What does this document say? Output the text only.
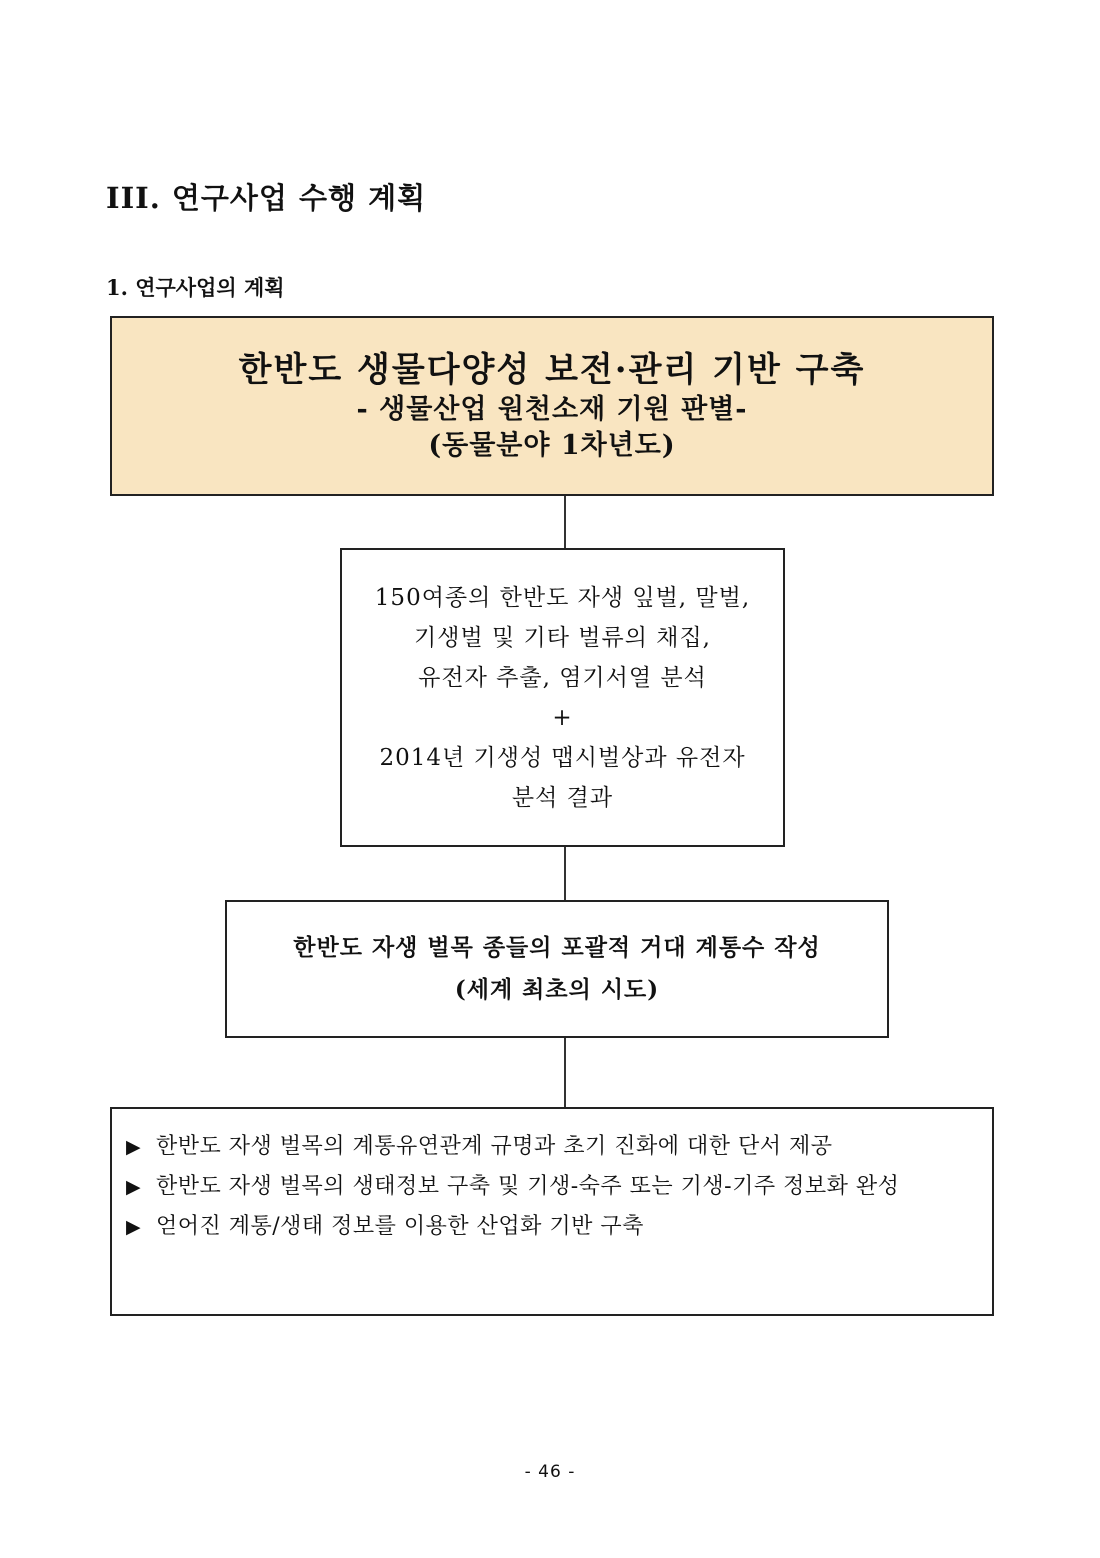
III. 연구사업 수행 계획
1. 연구사업의 계획
한반도 생물다양성 보전·관리 기반 구축
- 생물산업 원천소재 기원 판별-
(동물분야 1차년도)
150여종의 한반도 자생 잎벌, 말벌,
기생벌 및 기타 벌류의 채집,
유전자 추출, 염기서열 분석
+
2014년 기생성 맵시벌상과 유전자
분석 결과
한반도 자생 벌목 종들의 포괄적 거대 계통수 작성
(세계 최초의 시도)
▶ 한반도 자생 벌목의 계통유연관계 규명과 초기 진화에 대한 단서 제공
▶ 한반도 자생 벌목의 생태정보 구축 및 기생-숙주 또는 기생-기주 정보화 완성
▶ 얻어진 계통/생태 정보를 이용한 산업화 기반 구축
- 46 -
